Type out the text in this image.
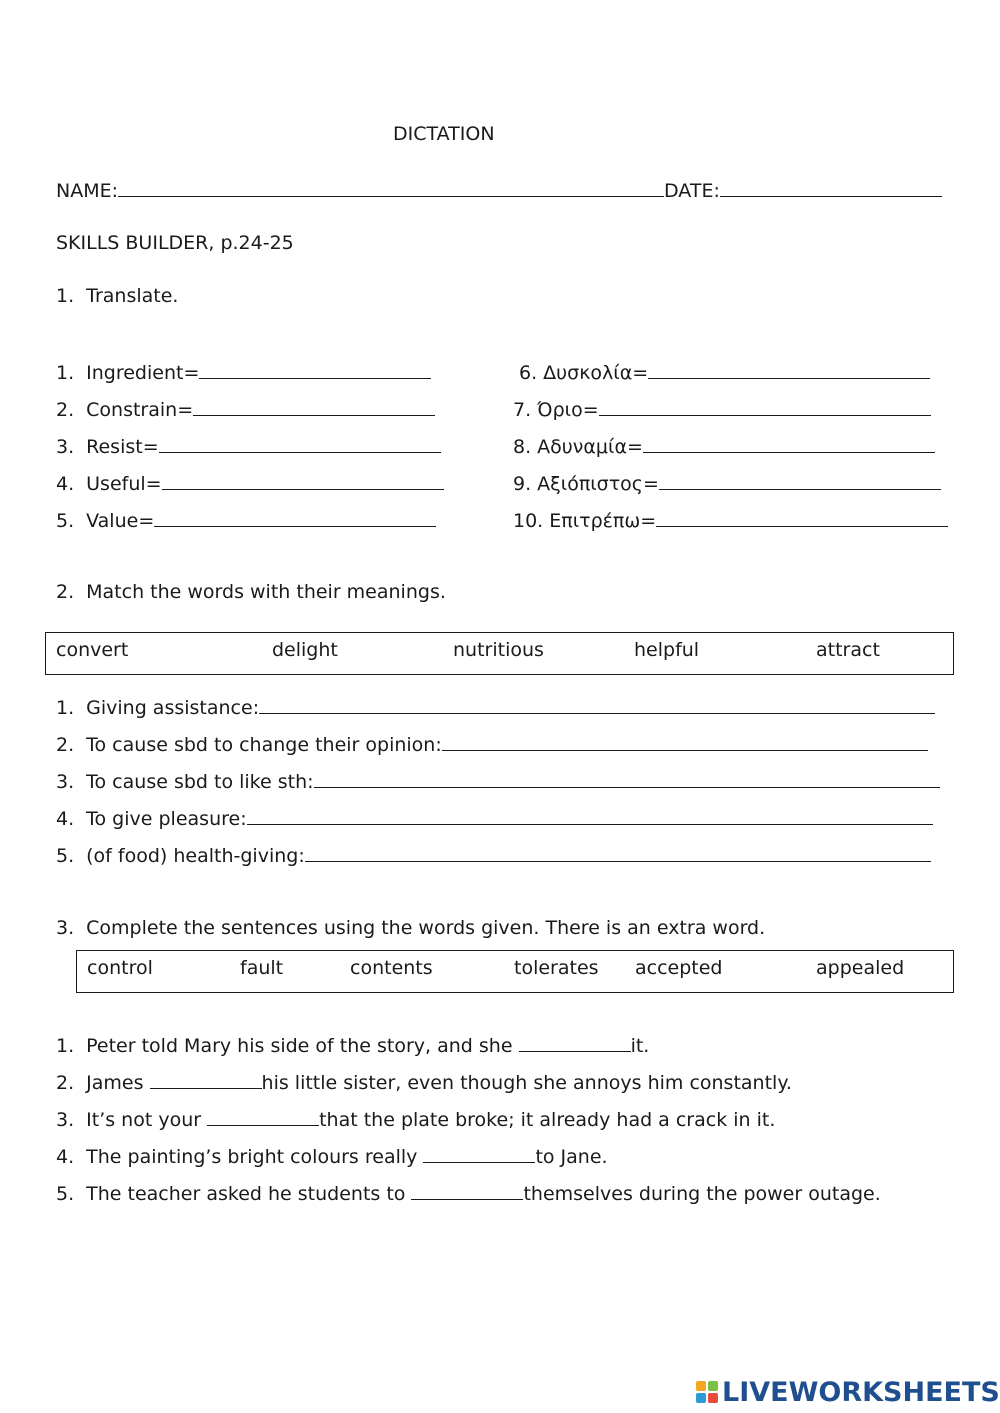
DICTATION
NAME:	DATE:
SKILLS BUILDER, p.24-25
1. Translate.
1. Ingredient=
2. Constrain=
3. Resist=
4. Useful=
5. Value=
6. Δυσκολία=
7. Όριο=
8. Αδυναμία=
9. Αξιόπιστος=
10. Επιτρέπω=
2. Match the words with their meanings.
convert	delight	nutritious	helpful	attract
1. Giving assistance:
2. To cause sbd to change their opinion:
3. To cause sbd to like sth:
4. To give pleasure:
5. (of food) health-giving:
3. Complete the sentences using the words given. There is an extra word.
control	fault	contents	tolerates accepted	appealed
1. Peter told Mary his side of the story, and she	it.
2. James	his little sister, even though she annoys him constantly.
3. It’s not your	that the plate broke; it already had a crack in it.
4. The painting’s bright colours really	to Jane.
5. The teacher asked he students to	themselves during the power outage.
LIVEWORKSHEETS
